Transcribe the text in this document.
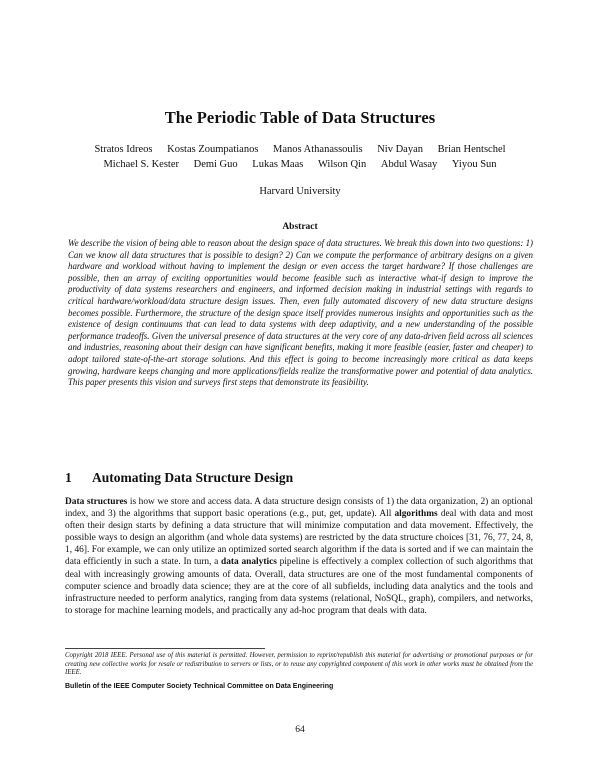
The Periodic Table of Data Structures
Stratos Idreos Kostas Zoumpatianos Manos Athanassoulis Niv Dayan Brian Hentschel
Michael S. Kester Demi Guo Lukas Maas Wilson Qin Abdul Wasay Yiyou Sun
Harvard University
Abstract

We describe the vision of being able to reason about the design space of data structures. We break this down into two questions: 1) Can we know all data structures that is possible to design? 2) Can we compute the performance of arbitrary designs on a given hardware and workload without having to implement the design or even access the target hardware? If those challenges are possible, then an array of exciting opportunities would become feasible such as interactive what-if design to improve the productivity of data systems researchers and engineers, and informed decision making in industrial settings with regards to critical hardware/workload/data structure design issues. Then, even fully automated discovery of new data structure designs becomes possible. Furthermore, the structure of the design space itself provides numerous insights and opportunities such as the existence of design continuums that can lead to data systems with deep adaptivity, and a new understanding of the possible performance tradeoffs. Given the universal presence of data structures at the very core of any data-driven field across all sciences and industries, reasoning about their design can have significant benefits, making it more feasible (easier, faster and cheaper) to adopt tailored state-of-the-art storage solutions. And this effect is going to become increasingly more critical as data keeps growing, hardware keeps changing and more applications/fields realize the transformative power and potential of data analytics. This paper presents this vision and surveys first steps that demonstrate its feasibility.

1 Automating Data Structure Design

Data structures is how we store and access data. A data structure design consists of 1) the data organization, 2) an optional index, and 3) the algorithms that support basic operations (e.g., put, get, update). All algorithms deal with data and most often their design starts by defining a data structure that will minimize computation and data movement. Effectively, the possible ways to design an algorithm (and whole data systems) are restricted by the data structure choices [31, 76, 77, 24, 8, 1, 46]. For example, we can only utilize an optimized sorted search algorithm if the data is sorted and if we can maintain the data efficiently in such a state. In turn, a data analytics pipeline is effectively a complex collection of such algorithms that deal with increasingly growing amounts of data. Overall, data structures are one of the most fundamental components of computer science and broadly data science; they are at the core of all subfields, including data analytics and the tools and infrastructure needed to perform analytics, ranging from data systems (relational, NoSQL, graph), compilers, and networks, to storage for machine learning models, and practically any ad-hoc program that deals with data.

Copyright 2018 IEEE. Personal use of this material is permitted. However, permission to reprint/republish this material for advertising or promotional purposes or for creating new collective works for resale or redistribution to servers or lists, or to reuse any copyrighted component of this work in other works must be obtained from the IEEE.

Bulletin of the IEEE Computer Society Technical Committee on Data Engineering
64
